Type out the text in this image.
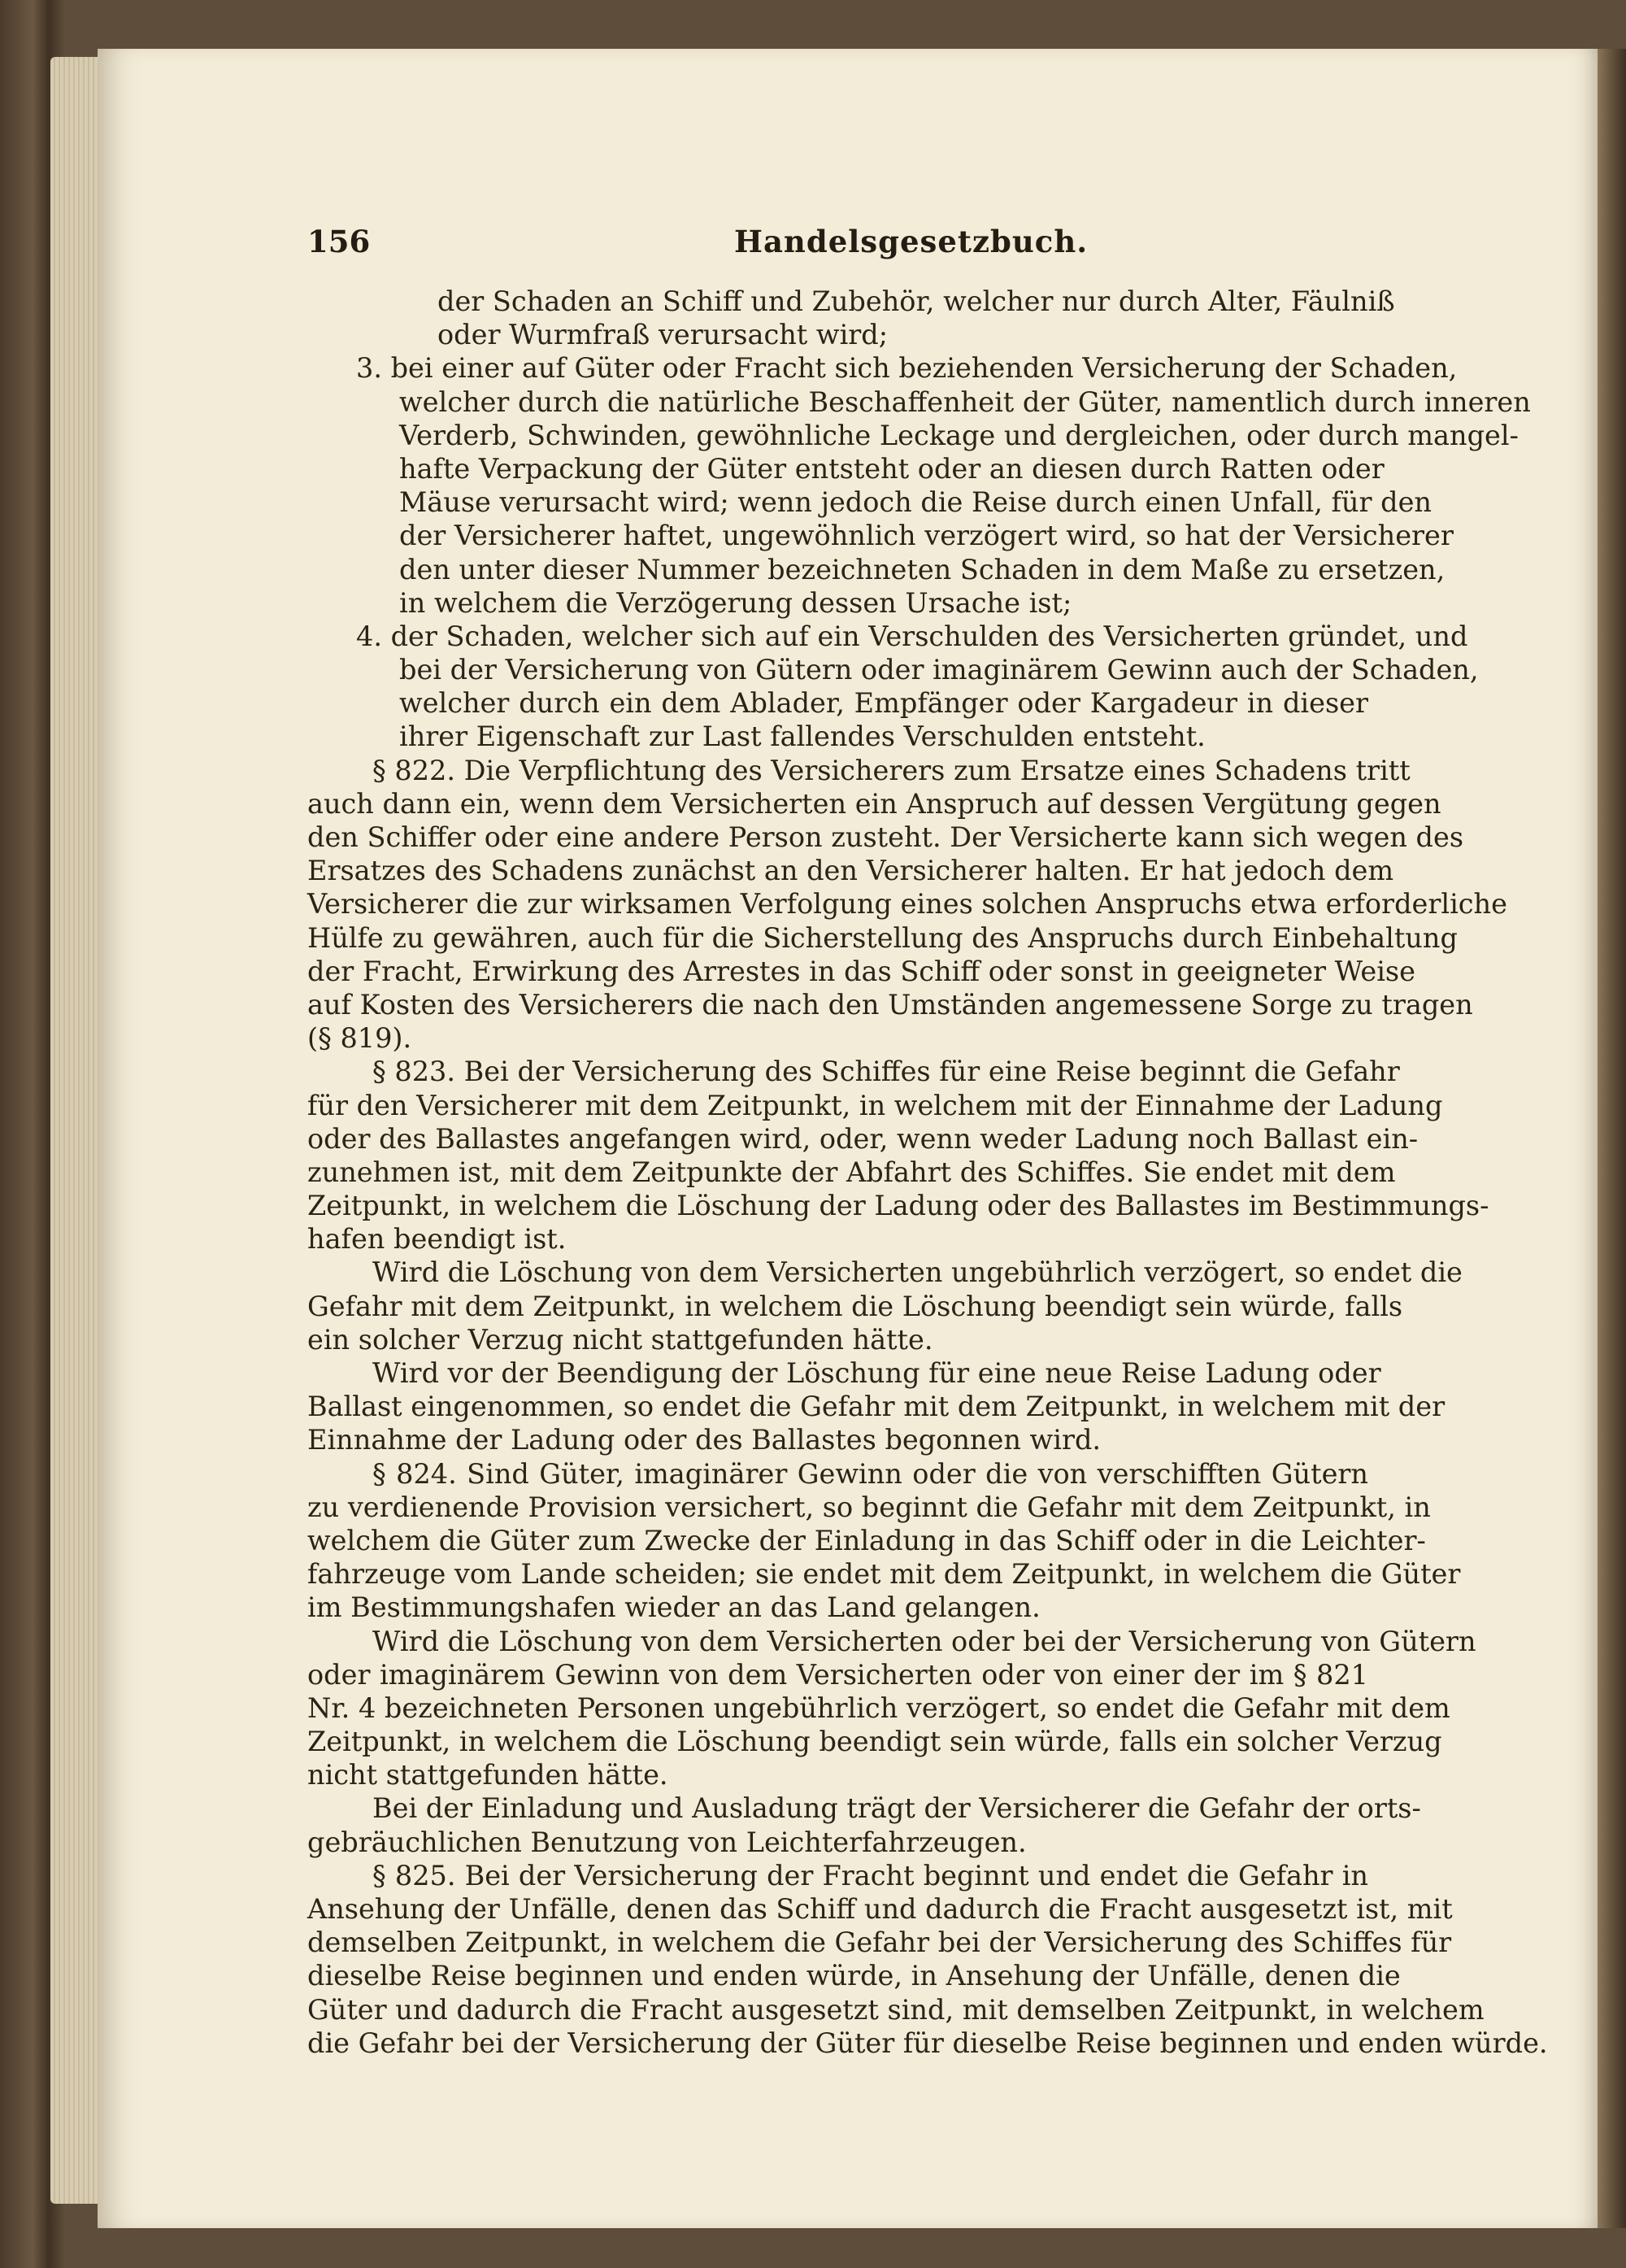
156	Handelsgesetzbuch.
der Schaden an Schiff und Zubehör, welcher nur durch Alter, Fäulniß
oder Wurmfraß verursacht wird;
3. bei einer auf Güter oder Fracht sich beziehenden Versicherung der Schaden,
welcher durch die natürliche Beschaffenheit der Güter, namentlich durch inneren
Verderb, Schwinden, gewöhnliche Leckage und dergleichen, oder durch mangel-
hafte Verpackung der Güter entsteht oder an diesen durch Ratten oder
Mäuse verursacht wird; wenn jedoch die Reise durch einen Unfall, für den
der Versicherer haftet, ungewöhnlich verzögert wird, so hat der Versicherer
den unter dieser Nummer bezeichneten Schaden in dem Maße zu ersetzen,
in welchem die Verzögerung dessen Ursache ist;
4. der Schaden, welcher sich auf ein Verschulden des Versicherten gründet, und
bei der Versicherung von Gütern oder imaginärem Gewinn auch der Schaden,
welcher durch ein dem Ablader, Empfänger oder Kargadeur in dieser
ihrer Eigenschaft zur Last fallendes Verschulden entsteht.
§ 822. Die Verpflichtung des Versicherers zum Ersatze eines Schadens tritt
auch dann ein, wenn dem Versicherten ein Anspruch auf dessen Vergütung gegen
den Schiffer oder eine andere Person zusteht. Der Versicherte kann sich wegen des
Ersatzes des Schadens zunächst an den Versicherer halten. Er hat jedoch dem
Versicherer die zur wirksamen Verfolgung eines solchen Anspruchs etwa erforderliche
Hülfe zu gewähren, auch für die Sicherstellung des Anspruchs durch Einbehaltung
der Fracht, Erwirkung des Arrestes in das Schiff oder sonst in geeigneter Weise
auf Kosten des Versicherers die nach den Umständen angemessene Sorge zu tragen
(§ 819).
§ 823. Bei der Versicherung des Schiffes für eine Reise beginnt die Gefahr
für den Versicherer mit dem Zeitpunkt, in welchem mit der Einnahme der Ladung
oder des Ballastes angefangen wird, oder, wenn weder Ladung noch Ballast ein-
zunehmen ist, mit dem Zeitpunkte der Abfahrt des Schiffes. Sie endet mit dem
Zeitpunkt, in welchem die Löschung der Ladung oder des Ballastes im Bestimmungs-
hafen beendigt ist.
Wird die Löschung von dem Versicherten ungebührlich verzögert, so endet die
Gefahr mit dem Zeitpunkt, in welchem die Löschung beendigt sein würde, falls
ein solcher Verzug nicht stattgefunden hätte.
Wird vor der Beendigung der Löschung für eine neue Reise Ladung oder
Ballast eingenommen, so endet die Gefahr mit dem Zeitpunkt, in welchem mit der
Einnahme der Ladung oder des Ballastes begonnen wird.
§ 824. Sind Güter, imaginärer Gewinn oder die von verschifften Gütern
zu verdienende Provision versichert, so beginnt die Gefahr mit dem Zeitpunkt, in
welchem die Güter zum Zwecke der Einladung in das Schiff oder in die Leichter-
fahrzeuge vom Lande scheiden; sie endet mit dem Zeitpunkt, in welchem die Güter
im Bestimmungshafen wieder an das Land gelangen.
Wird die Löschung von dem Versicherten oder bei der Versicherung von Gütern
oder imaginärem Gewinn von dem Versicherten oder von einer der im § 821
Nr. 4 bezeichneten Personen ungebührlich verzögert, so endet die Gefahr mit dem
Zeitpunkt, in welchem die Löschung beendigt sein würde, falls ein solcher Verzug
nicht stattgefunden hätte.
Bei der Einladung und Ausladung trägt der Versicherer die Gefahr der orts-
gebräuchlichen Benutzung von Leichterfahrzeugen.
§ 825. Bei der Versicherung der Fracht beginnt und endet die Gefahr in
Ansehung der Unfälle, denen das Schiff und dadurch die Fracht ausgesetzt ist, mit
demselben Zeitpunkt, in welchem die Gefahr bei der Versicherung des Schiffes für
dieselbe Reise beginnen und enden würde, in Ansehung der Unfälle, denen die
Güter und dadurch die Fracht ausgesetzt sind, mit demselben Zeitpunkt, in welchem
die Gefahr bei der Versicherung der Güter für dieselbe Reise beginnen und enden würde.
